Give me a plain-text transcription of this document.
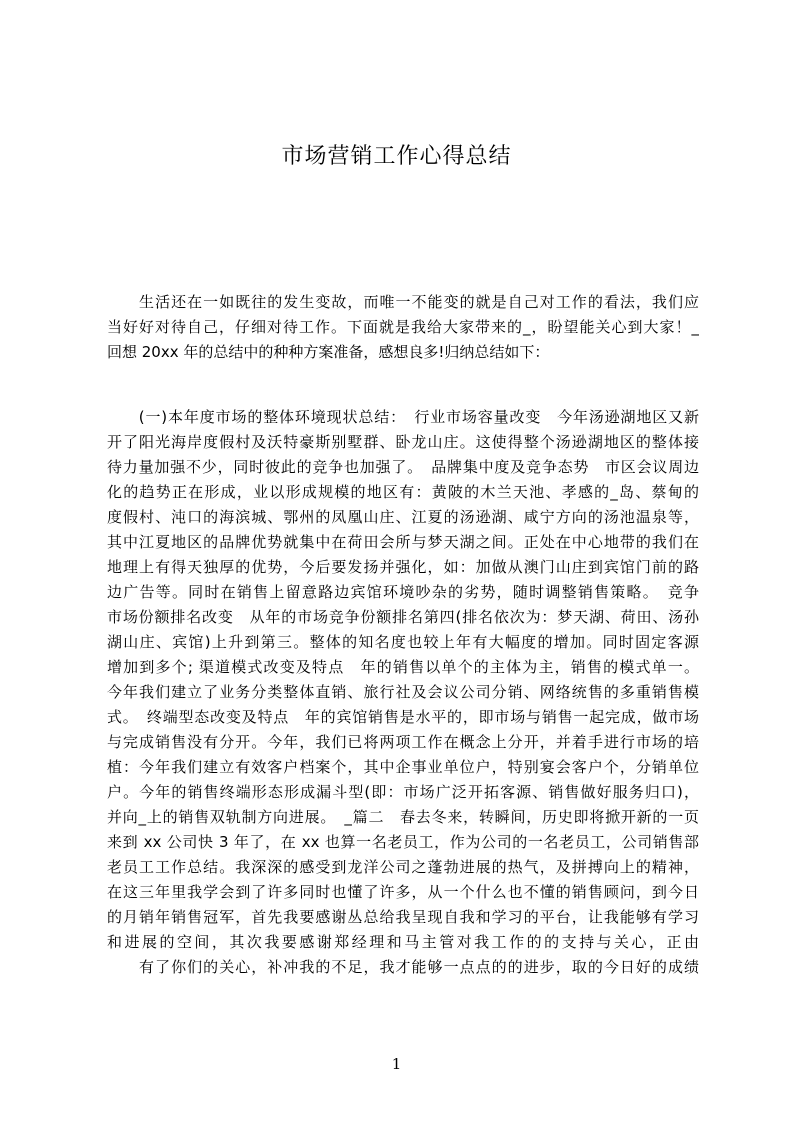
市场营销工作心得总结
　　生活还在一如既往的发生变故，而唯一不能变的就是自己对工作的看法，我们应
当好好对待自己，仔细对待工作。下面就是我给大家带来的_，盼望能关心到大家！_
回想 20xx 年的总结中的种种方案准备，感想良多!归纳总结如下：
　　(一)本年度市场的整体环境现状总结：　行业市场容量改变　今年汤逊湖地区又新
开了阳光海岸度假村及沃特豪斯别墅群、卧龙山庄。这使得整个汤逊湖地区的整体接
待力量加强不少，同时彼此的竞争也加强了。　品牌集中度及竞争态势　市区会议周边
化的趋势正在形成，业以形成规模的地区有：黄陂的木兰天池、孝感的_岛、蔡甸的
度假村、沌口的海滨城、鄂州的凤凰山庄、江夏的汤逊湖、咸宁方向的汤池温泉等，
其中江夏地区的品牌优势就集中在荷田会所与梦天湖之间。正处在中心地带的我们在
地理上有得天独厚的优势，今后要发扬并强化，如：加做从澳门山庄到宾馆门前的路
边广告等。同时在销售上留意路边宾馆环境吵杂的劣势，随时调整销售策略。　竞争
市场份额排名改变　从年的市场竞争份额排名第四(排名依次为：梦天湖、荷田、汤孙
湖山庄、宾馆)上升到第三。整体的知名度也较上年有大幅度的增加。同时固定客源
增加到多个; 渠道模式改变及特点　年的销售以单个的主体为主，销售的模式单一。
今年我们建立了业务分类整体直销、旅行社及会议公司分销、网络统售的多重销售模
式。　终端型态改变及特点　年的宾馆销售是水平的，即市场与销售一起完成，做市场
与完成销售没有分开。今年，我们已将两项工作在概念上分开，并着手进行市场的培
植：今年我们建立有效客户档案个，其中企事业单位户，特别宴会客户个，分销单位
户。今年的销售终端形态形成漏斗型(即：市场广泛开拓客源、销售做好服务归口)，
并向_上的销售双轨制方向进展。　_篇二　春去冬来，转瞬间，历史即将掀开新的一页
来到 xx 公司快 3 年了，在 xx 也算一名老员工，作为公司的一名老员工，公司销售部
老员工工作总结。我深深的感受到龙洋公司之蓬勃进展的热气，及拼搏向上的精神，
在这三年里我学会到了许多同时也懂了许多，从一个什么也不懂的销售顾问，到今日
的月销年销售冠军，首先我要感谢丛总给我呈现自我和学习的平台，让我能够有学习
和进展的空间，其次我要感谢郑经理和马主管对我工作的的支持与关心，正由
　　有了你们的关心，补冲我的不足，我才能够一点点的的进步，取的今日好的成绩
1
